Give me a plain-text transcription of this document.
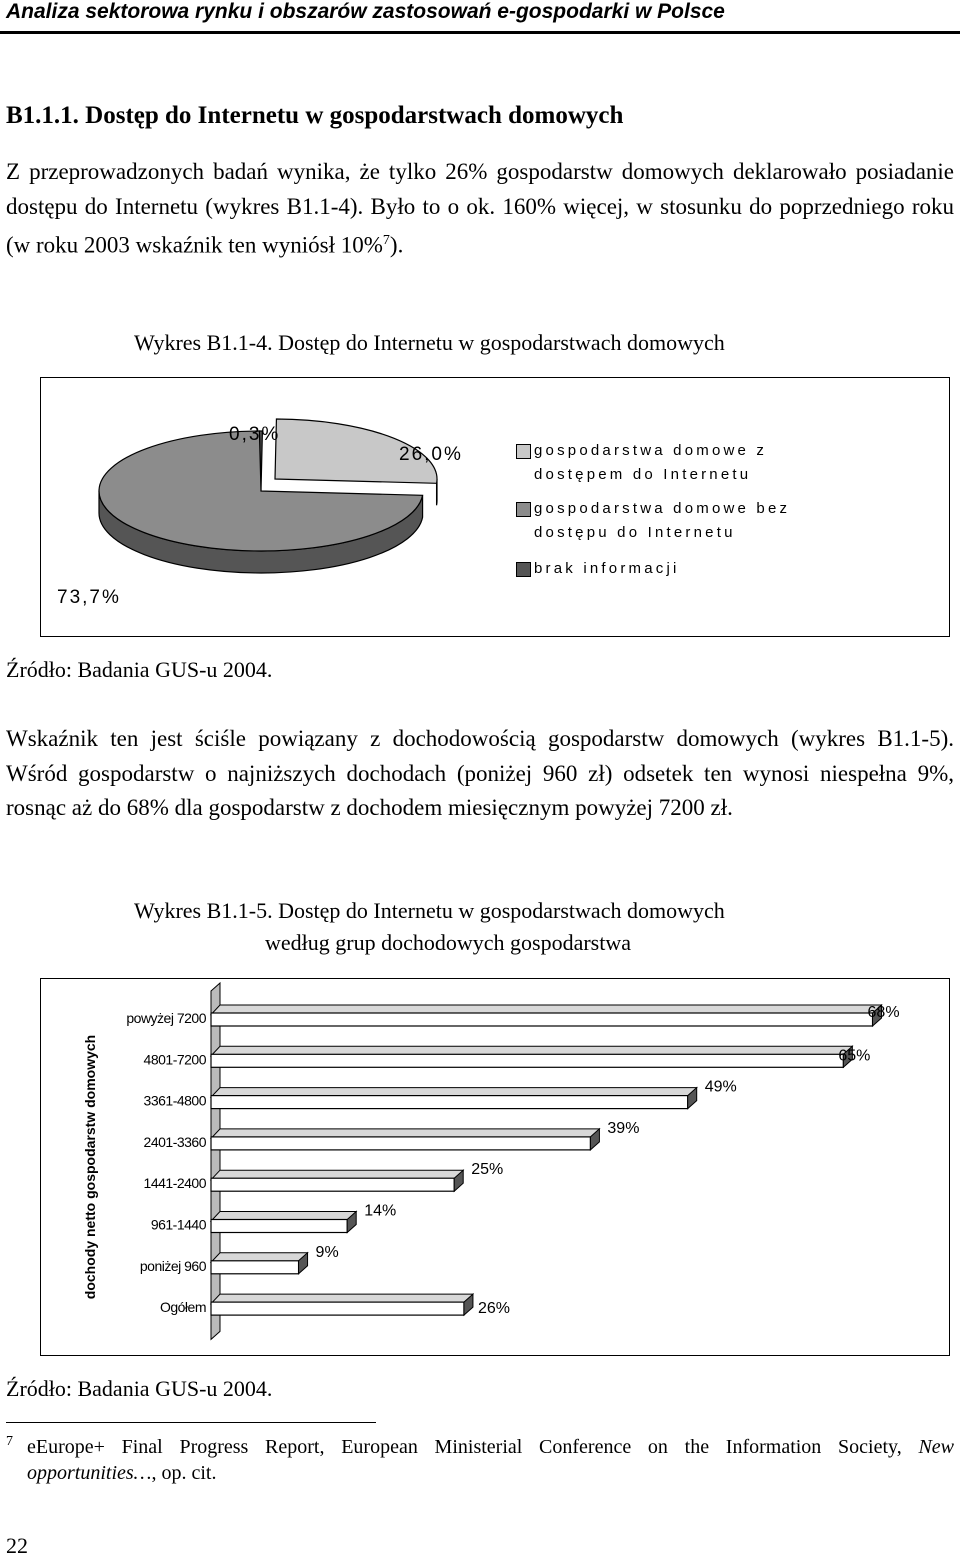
Analiza sektorowa rynku i obszarów zastosowań e-gospodarki w Polsce
B1.1.1. Dostęp do Internetu w gospodarstwach domowych
Z przeprowadzonych badań wynika, że tylko 26% gospodarstw domowych deklarowało posiadanie dostępu do Internetu (wykres B1.1-4). Było to o ok. 160% więcej, w stosunku do poprzedniego roku (w roku 2003 wskaźnik ten wyniósł 10%$^7$).
Wykres B1.1-4. Dostęp do Internetu w gospodarstwach domowych
26,0%
73,7%
0,3%
gospodarstwa domowe z dostępem do Internetu
gospodarstwa domowe bez dostępu do Internetu
brak informacji
Źródło: Badania GUS-u 2004.
Wskaźnik ten jest ściśle powiązany z dochodowością gospodarstw domowych (wykres B1.1-5). Wśród gospodarstw o najniższych dochodach (poniżej 960 zł) odsetek ten wynosi niespełna 9%, rosnąc aż do 68% dla gospodarstw z dochodem miesięcznym powyżej 7200 zł.
Wykres B1.1-5. Dostęp do Internetu w gospodarstwach domowych
według grup dochodowych gospodarstwa
dochody netto gospodarstw domowych
powyżej 7200	68%
4801-7200	65%
3361-4800
49%
2401-3360
39%
1441-2400
25%
961-1440
14%
poniżej 960
9%
Ogółem	26%
Źródło: Badania GUS-u 2004.
7 eEurope+ Final Progress Report, European Ministerial Conference on the Information Society, New opportunities…, op. cit.
22
